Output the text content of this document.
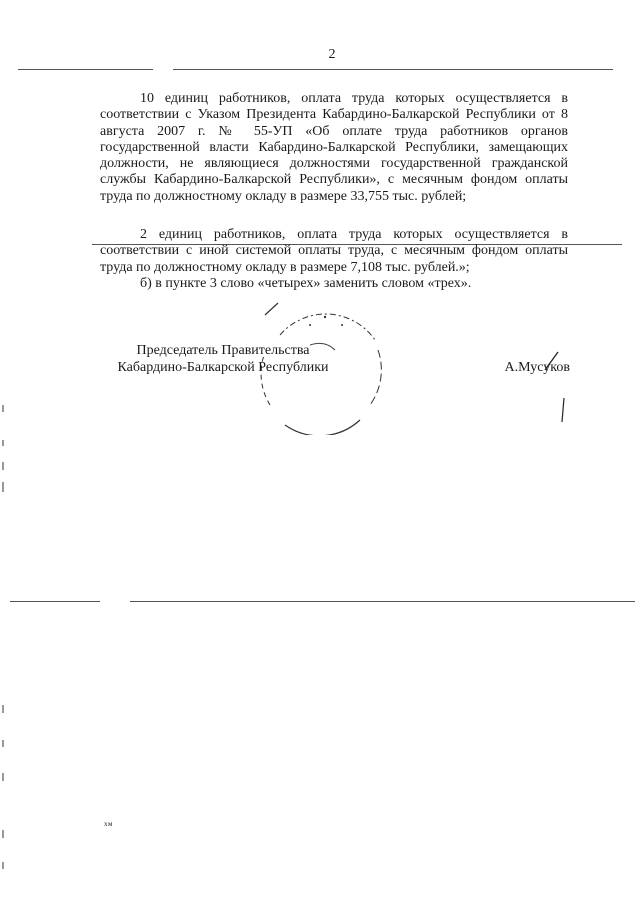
2

10 единиц работников, оплата труда которых осуществляется в соответствии с Указом Президента Кабардино-Балкарской Республики от 8 августа 2007 г. № 55-УП «Об оплате труда работников органов государственной власти Кабардино-Балкарской Республики, замещающих должности, не являющиеся должностями государственной гражданской службы Кабардино-Балкарской Республики», с месячным фондом оплаты труда по должностному окладу в размере 33,755 тыс. рублей;

2 единиц работников, оплата труда которых осуществляется в соответствии с иной системой оплаты труда, с месячным фондом оплаты труда по должностному окладу в размере 7,108 тыс. рублей.»;

б) в пункте 3 слово «четырех» заменить словом «трех».

Председатель Правительства
Кабардино-Балкарской Республики	А.Мусуков
хм
